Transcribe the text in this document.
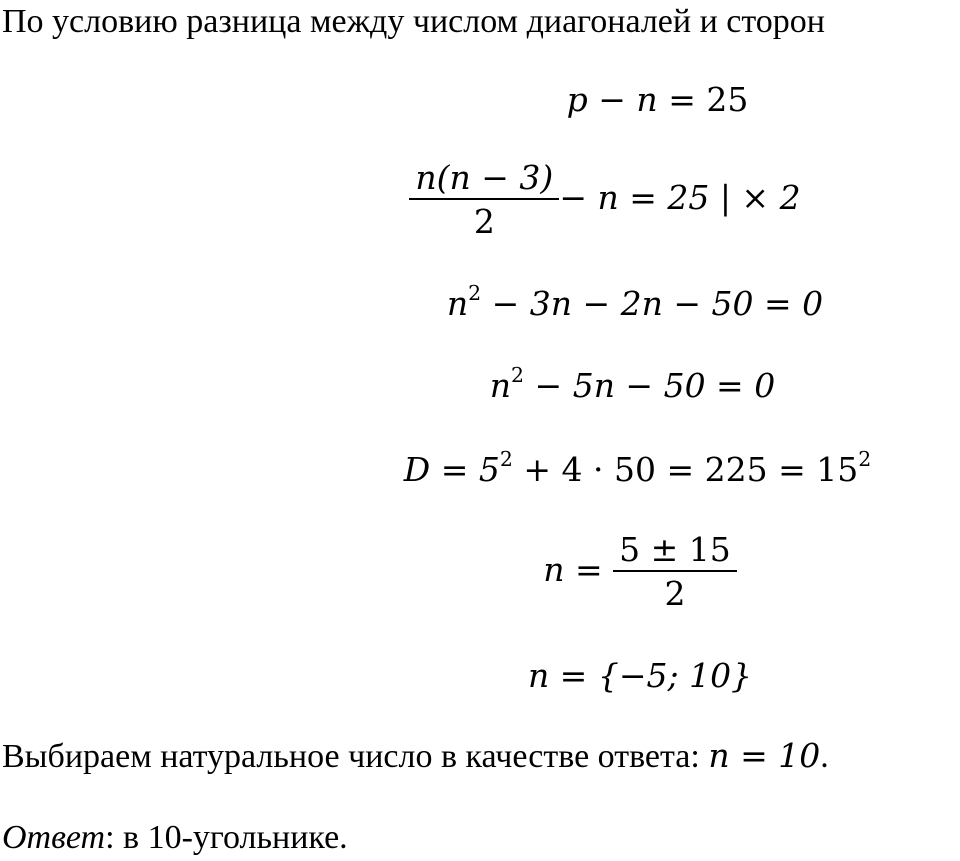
По условию разница между числом диагоналей и сторон
p − n = 25
$\frac{n(n - 3)}{2} - n = 25$ | × 2
$n^2 - 3n - 2n - 50 = 0$
$n^2 - 5n - 50 = 0$
$D = 5^2 + 4 \cdot 50 = 225 = 15^2$
$n = \frac{5 \pm 15}{2}$
n = {−5; 10}
Выбираем натуральное число в качестве ответа: n = 10.
Ответ: в 10-угольнике.
